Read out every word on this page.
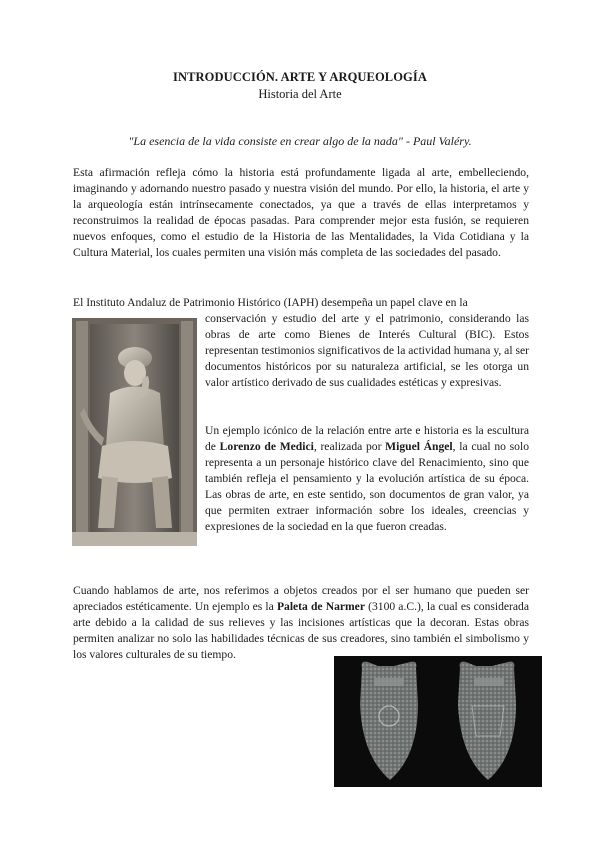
INTRODUCCIÓN. ARTE Y ARQUEOLOGÍA
Historia del Arte
"La esencia de la vida consiste en crear algo de la nada" - Paul Valéry.

Esta afirmación refleja cómo la historia está profundamente ligada al arte, embelleciendo, imaginando y adornando nuestro pasado y nuestra visión del mundo. Por ello, la historia, el arte y la arqueología están intrínsecamente conectados, ya que a través de ellas interpretamos y reconstruimos la realidad de épocas pasadas. Para comprender mejor esta fusión, se requieren nuevos enfoques, como el estudio de la Historia de las Mentalidades, la Vida Cotidiana y la Cultura Material, los cuales permiten una visión más completa de las sociedades del pasado.

El Instituto Andaluz de Patrimonio Histórico (IAPH) desempeña un papel clave en la

conservación y estudio del arte y el patrimonio, considerando las obras de arte como Bienes de Interés Cultural (BIC). Estos representan testimonios significativos de la actividad humana y, al ser documentos históricos por su naturaleza artificial, se les otorga un valor artístico derivado de sus cualidades estéticas y expresivas.

Un ejemplo icónico de la relación entre arte e historia es la escultura de Lorenzo de Medici, realizada por Miguel Ángel, la cual no solo representa a un personaje histórico clave del Renacimiento, sino que también refleja el pensamiento y la evolución artística de su época. Las obras de arte, en este sentido, son documentos de gran valor, ya que permiten extraer información sobre los ideales, creencias y expresiones de la sociedad en la que fueron creadas.

Cuando hablamos de arte, nos referimos a objetos creados por el ser humano que pueden ser apreciados estéticamente. Un ejemplo es la Paleta de Narmer (3100 a.C.), la cual es considerada arte debido a la calidad de sus relieves y las incisiones artísticas que la decoran. Estas obras permiten analizar no solo las habilidades técnicas de sus creadores, sino también el simbolismo y los valores culturales de su tiempo.
